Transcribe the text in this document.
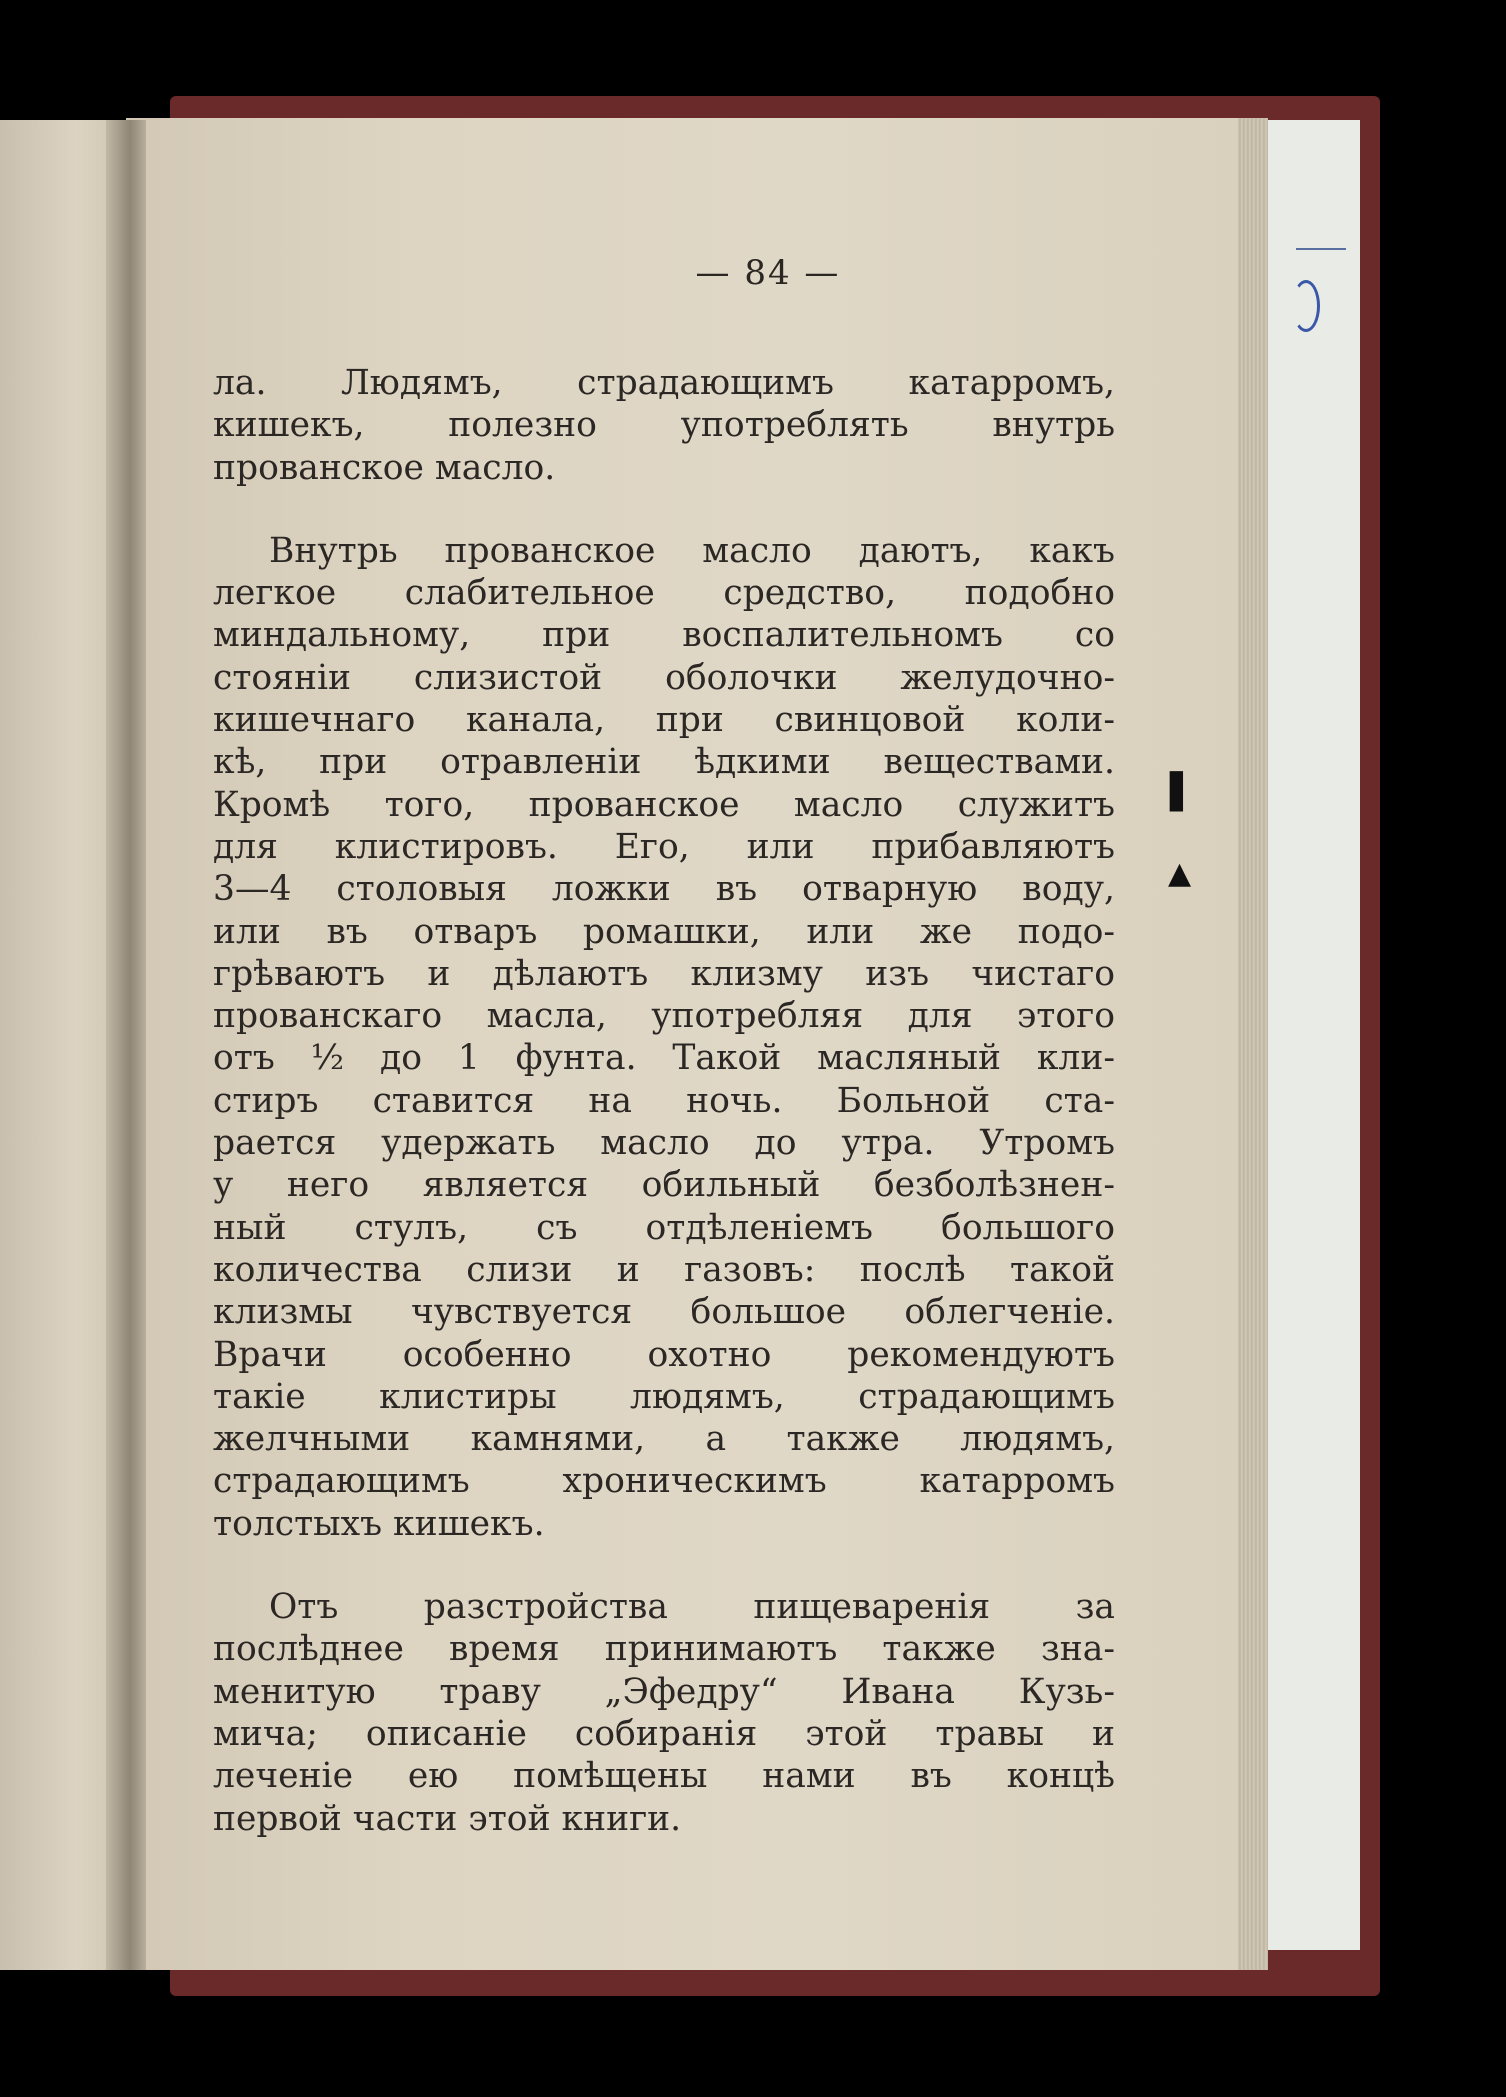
— 84 —
ла. Людямъ, страдающимъ катарромъ,
кишекъ, полезно употреблять внутрь
прованское масло.
Внутрь прованское масло даютъ, какъ
легкое слабительное средство, подобно
миндальному, при воспалительномъ со
стоянiи слизистой оболочки желудочно-
кишечнаго канала, при свинцовой коли-
кѣ, при отравленiи ѣдкими веществами.
Кромѣ того, прованское масло служитъ
для клистировъ. Его, или прибавляютъ
3—4 столовыя ложки въ отварную воду,
или въ отваръ ромашки, или же подо-
грѣваютъ и дѣлаютъ клизму изъ чистаго
прованскаго масла, употребляя для этого
отъ ½ до 1 фунта. Такой масляный кли-
стиръ ставится на ночь. Больной ста-
рается удержать масло до утра. Утромъ
у него является обильный безболѣзнен-
ный стулъ, съ отдѣленiемъ большого
количества слизи и газовъ: послѣ такой
клизмы чувствуется большое облегченiе.
Врачи особенно охотно рекомендуютъ
такiе клистиры людямъ, страдающимъ
желчными камнями, а также людямъ,
страдающимъ хроническимъ катарромъ
толстыхъ кишекъ.
Отъ разстройства пищеваренiя за
послѣднее время принимаютъ также зна-
менитую траву „Эфедру“ Ивана Кузь-
мича; описанiе собиранiя этой травы и
леченiе ею помѣщены нами въ концѣ
первой части этой книги.
▌
▲
